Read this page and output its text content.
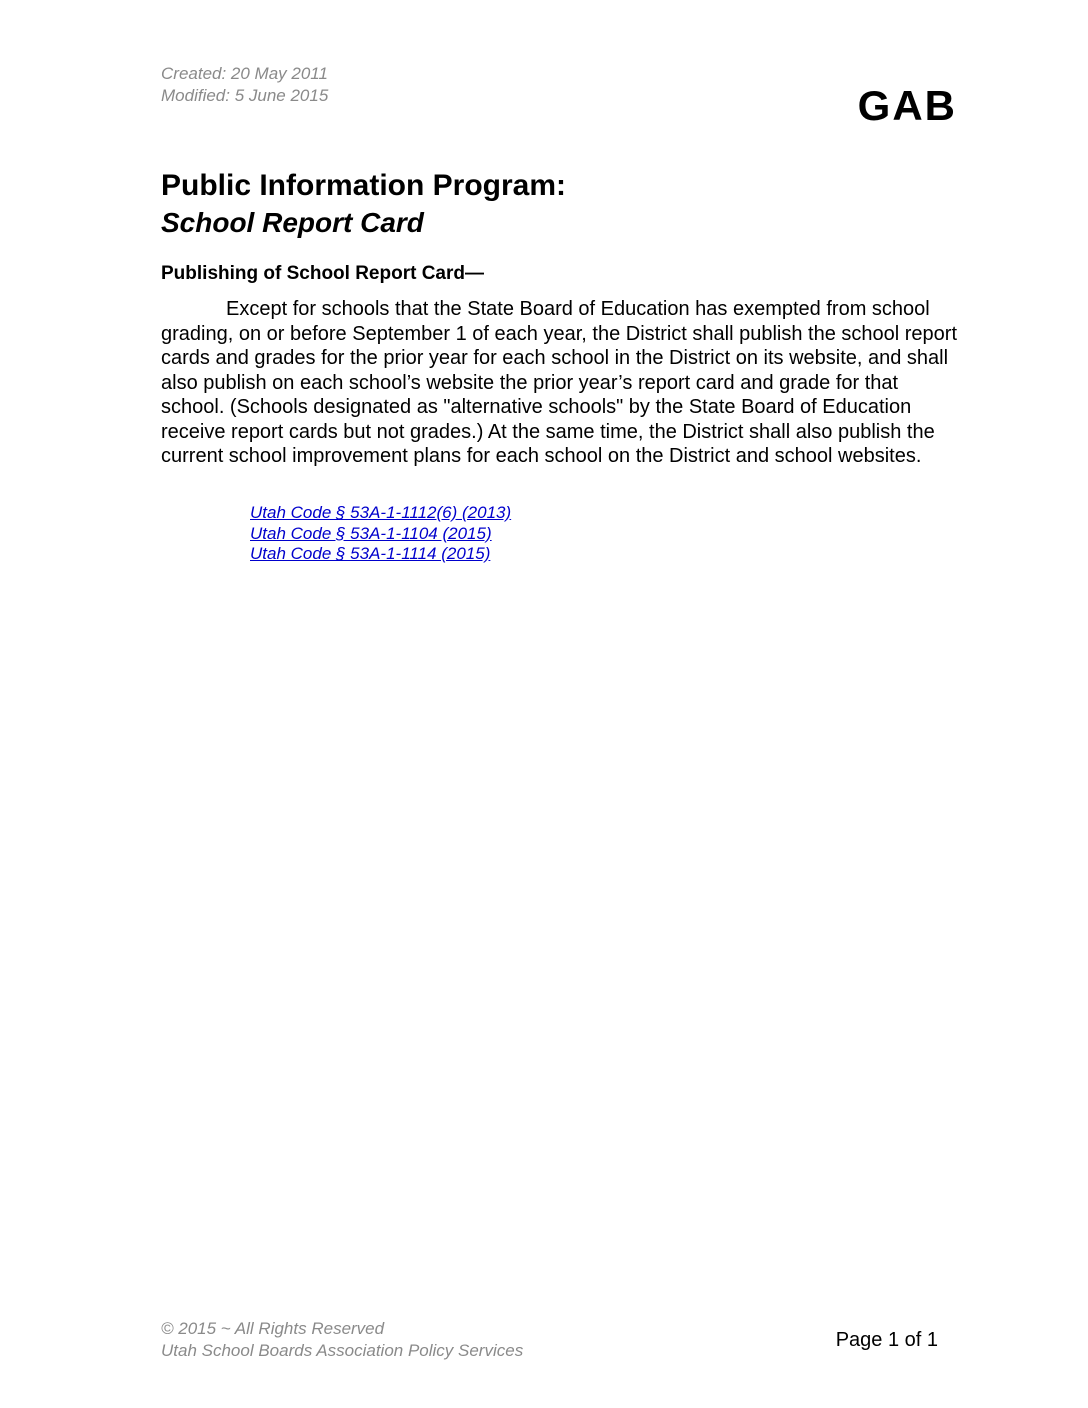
Created: 20 May 2011
Modified: 5 June 2015	GAB
Public Information Program:
School Report Card
Publishing of School Report Card—
Except for schools that the State Board of Education has exempted from school grading, on or before September 1 of each year, the District shall publish the school report cards and grades for the prior year for each school in the District on its website, and shall also publish on each school’s website the prior year’s report card and grade for that school. (Schools designated as "alternative schools" by the State Board of Education receive report cards but not grades.) At the same time, the District shall also publish the current school improvement plans for each school on the District and school websites.
Utah Code § 53A-1-1112(6) (2013)
Utah Code § 53A-1-1104 (2015)
Utah Code § 53A-1-1114 (2015)
© 2015 ~ All Rights Reserved
Utah School Boards Association Policy Services	Page 1 of 1
